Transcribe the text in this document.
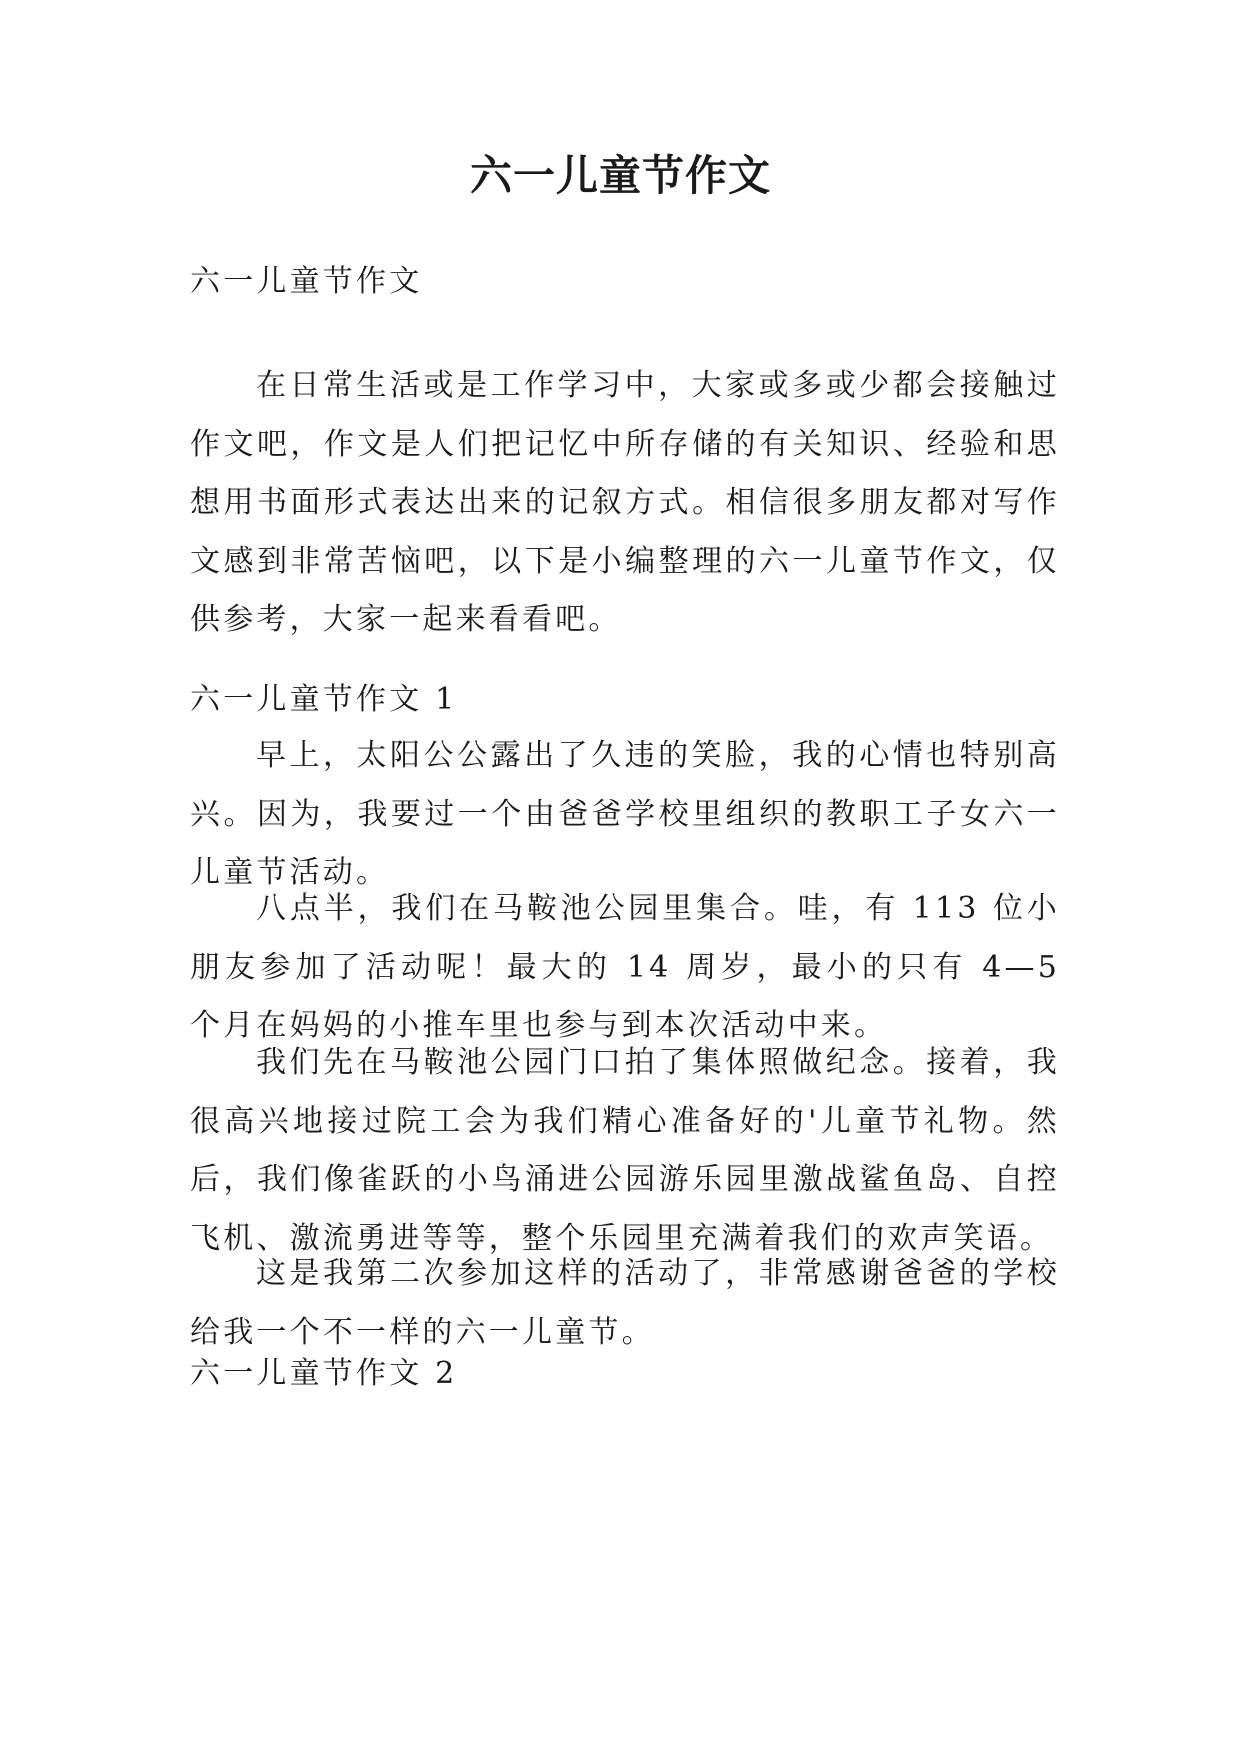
六一儿童节作文

六一儿童节作文

在日常生活或是工作学习中，大家或多或少都会接触过作文吧，作文是人们把记忆中所存储的有关知识、经验和思想用书面形式表达出来的记叙方式。相信很多朋友都对写作文感到非常苦恼吧，以下是小编整理的六一儿童节作文，仅供参考，大家一起来看看吧。

六一儿童节作文 1

早上，太阳公公露出了久违的笑脸，我的心情也特别高兴。因为，我要过一个由爸爸学校里组织的教职工子女六一儿童节活动。

八点半，我们在马鞍池公园里集合。哇，有 113 位小朋友参加了活动呢！最大的 14 周岁，最小的只有 4—5 个月在妈妈的小推车里也参与到本次活动中来。

我们先在马鞍池公园门口拍了集体照做纪念。接着，我很高兴地接过院工会为我们精心准备好的'儿童节礼物。然后，我们像雀跃的小鸟涌进公园游乐园里激战鲨鱼岛、自控飞机、激流勇进等等，整个乐园里充满着我们的欢声笑语。

这是我第二次参加这样的活动了，非常感谢爸爸的学校给我一个不一样的六一儿童节。

六一儿童节作文 2
